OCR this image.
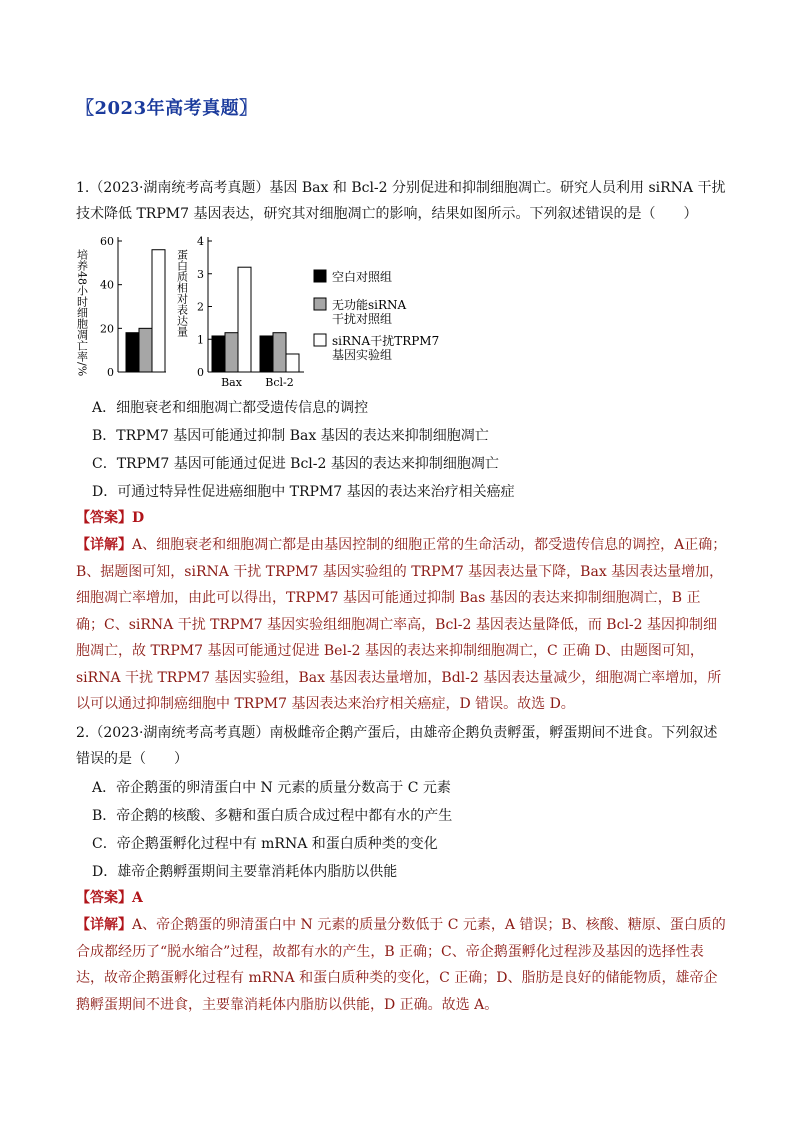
〖2023年高考真题〗
1.（2023·湖南统考高考真题）基因 Bax 和 Bcl-2 分别促进和抑制细胞凋亡。研究人员利用 siRNA 干扰技术降低 TRPM7 基因表达，研究其对细胞凋亡的影响，结果如图所示。下列叙述错误的是（　　）
0
20
40
60
培养48小时细胞凋亡率/%	0
1
2
3
4
蛋白质相对表达量
Bax Bcl-2
空白对照组
无功能siRNA
干扰对照组
siRNA干扰TRPM7
基因实验组
A．细胞衰老和细胞凋亡都受遗传信息的调控
B．TRPM7 基因可能通过抑制 Bax 基因的表达来抑制细胞凋亡
C．TRPM7 基因可能通过促进 Bcl-2 基因的表达来抑制细胞凋亡
D．可通过特异性促进癌细胞中 TRPM7 基因的表达来治疗相关癌症
【答案】D
【详解】A、细胞衰老和细胞凋亡都是由基因控制的细胞正常的生命活动，都受遗传信息的调控，A正确；B、据题图可知，siRNA 干扰 TRPM7 基因实验组的 TRPM7 基因表达量下降，Bax 基因表达量增加，细胞凋亡率增加，由此可以得出，TRPM7 基因可能通过抑制 Bas 基因的表达来抑制细胞凋亡，B 正确；C、siRNA 干扰 TRPM7 基因实验组细胞凋亡率高，Bcl-2 基因表达量降低，而 Bcl-2 基因抑制细胞凋亡，故 TRPM7 基因可能通过促进 Bel-2 基因的表达来抑制细胞凋亡，C 正确 D、由题图可知，siRNA 干扰 TRPM7 基因实验组，Bax 基因表达量增加，Bdl-2 基因表达量减少，细胞凋亡率增加，所以可以通过抑制癌细胞中 TRPM7 基因表达来治疗相关癌症，D 错误。故选 D。
2.（2023·湖南统考高考真题）南极雌帝企鹅产蛋后，由雄帝企鹅负责孵蛋，孵蛋期间不进食。下列叙述错误的是（　　）
A．帝企鹅蛋的卵清蛋白中 N 元素的质量分数高于 C 元素
B．帝企鹅的核酸、多糖和蛋白质合成过程中都有水的产生
C．帝企鹅蛋孵化过程中有 mRNA 和蛋白质种类的变化
D．雄帝企鹅孵蛋期间主要靠消耗体内脂肪以供能
【答案】A
【详解】A、帝企鹅蛋的卵清蛋白中 N 元素的质量分数低于 C 元素，A 错误；B、核酸、糖原、蛋白质的合成都经历了“脱水缩合”过程，故都有水的产生，B 正确；C、帝企鹅蛋孵化过程涉及基因的选择性表达，故帝企鹅蛋孵化过程有 mRNA 和蛋白质种类的变化，C 正确；D、脂肪是良好的储能物质，雄帝企鹅孵蛋期间不进食，主要靠消耗体内脂肪以供能，D 正确。故选 A。
